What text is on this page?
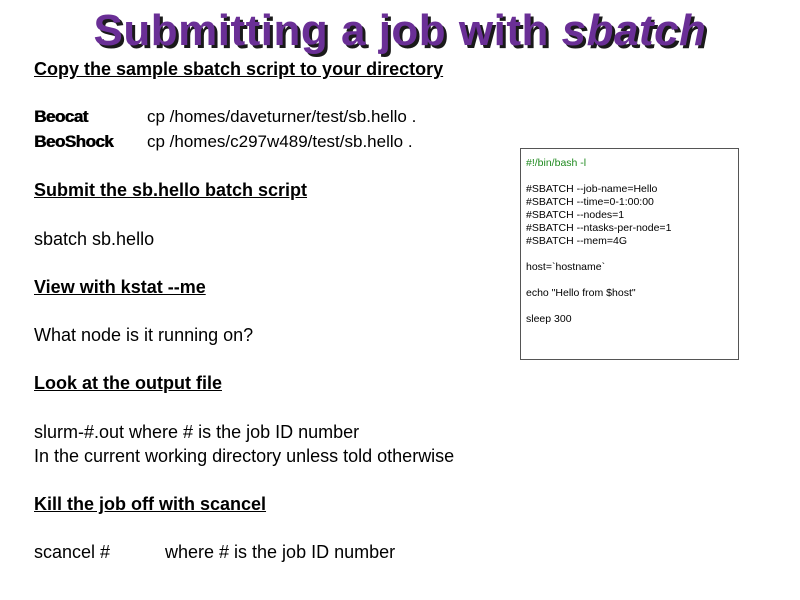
Submitting a job with sbatch
Copy the sample sbatch script to your directory
Beocat	cp /homes/daveturner/test/sb.hello .
BeoShock cp /homes/c297w489/test/sb.hello .
Submit the sb.hello batch script
sbatch sb.hello
View with kstat --me
What node is it running on?
Look at the output file
slurm-#.out where # is the job ID number
In the current working directory unless told otherwise
Kill the job off with scancel
scancel #	where # is the job ID number
#!/bin/bash -l
#SBATCH --job-name=Hello
#SBATCH --time=0-1:00:00
#SBATCH --nodes=1
#SBATCH --ntasks-per-node=1
#SBATCH --mem=4G
host=`hostname`
echo "Hello from $host"
sleep 300
